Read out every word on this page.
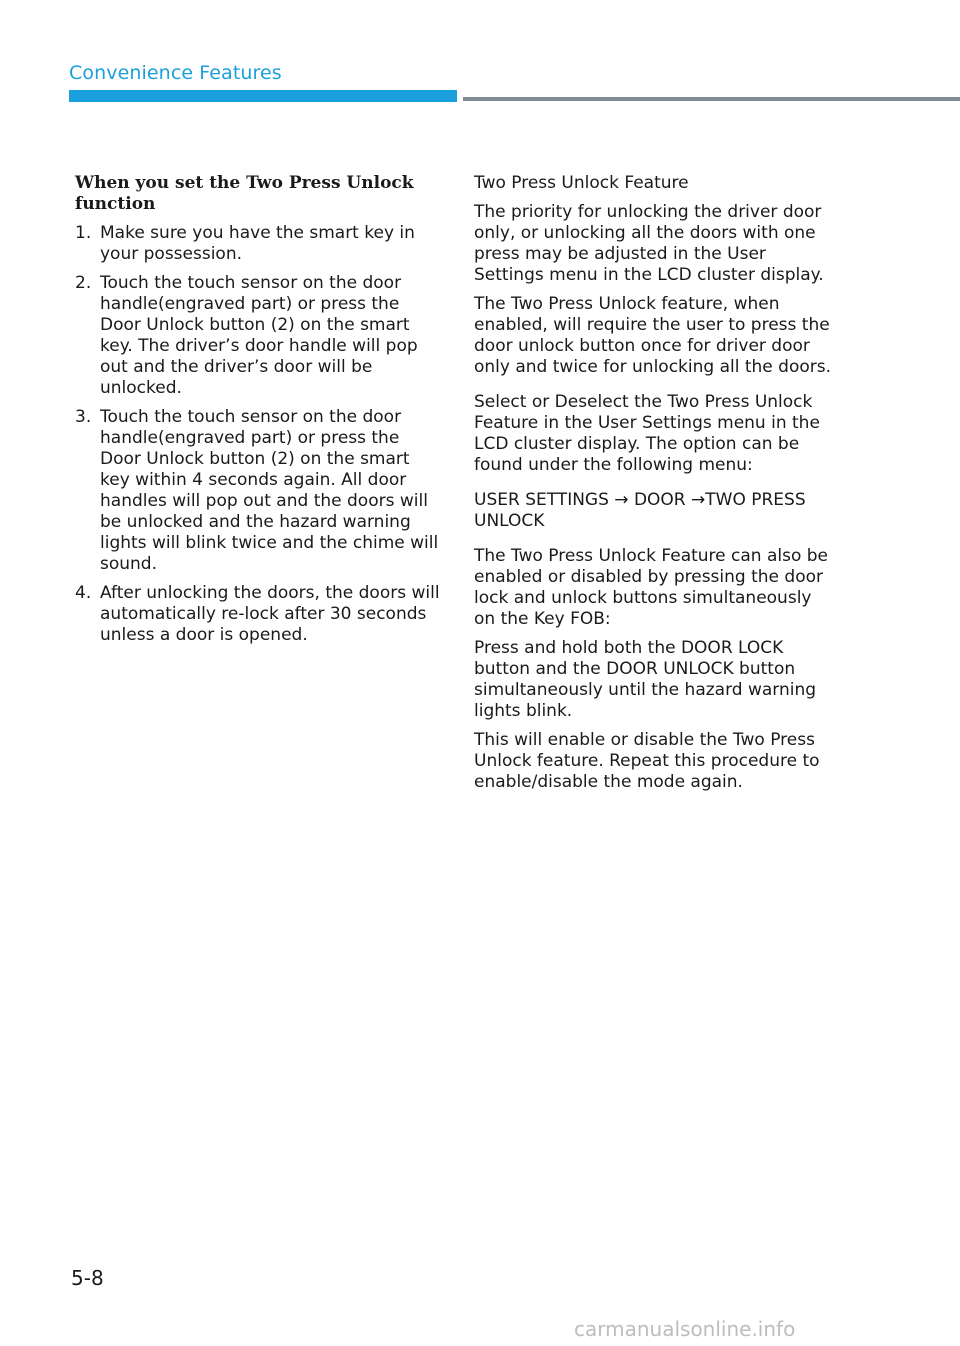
Convenience Features
When you set the Two Press Unlock function
1. Make sure you have the smart key in your possession.
2. Touch the touch sensor on the door handle(engraved part) or press the Door Unlock button (2) on the smart key. The driver’s door handle will pop out and the driver’s door will be unlocked.
3. Touch the touch sensor on the door handle(engraved part) or press the Door Unlock button (2) on the smart key within 4 seconds again. All door handles will pop out and the doors will be unlocked and the hazard warning lights will blink twice and the chime will sound.
4. After unlocking the doors, the doors will automatically re-lock after 30 seconds unless a door is opened.

Two Press Unlock Feature

The priority for unlocking the driver door only, or unlocking all the doors with one press may be adjusted in the User Settings menu in the LCD cluster display.

The Two Press Unlock feature, when enabled, will require the user to press the door unlock button once for driver door only and twice for unlocking all the doors.

Select or Deselect the Two Press Unlock Feature in the User Settings menu in the LCD cluster display. The option can be found under the following menu:

USER SETTINGS → DOOR →TWO PRESS UNLOCK

The Two Press Unlock Feature can also be enabled or disabled by pressing the door lock and unlock buttons simultaneously on the Key FOB:

Press and hold both the DOOR LOCK button and the DOOR UNLOCK button simultaneously until the hazard warning lights blink.

This will enable or disable the Two Press Unlock feature. Repeat this procedure to enable/disable the mode again.

5-8
carmanualsonline.info
